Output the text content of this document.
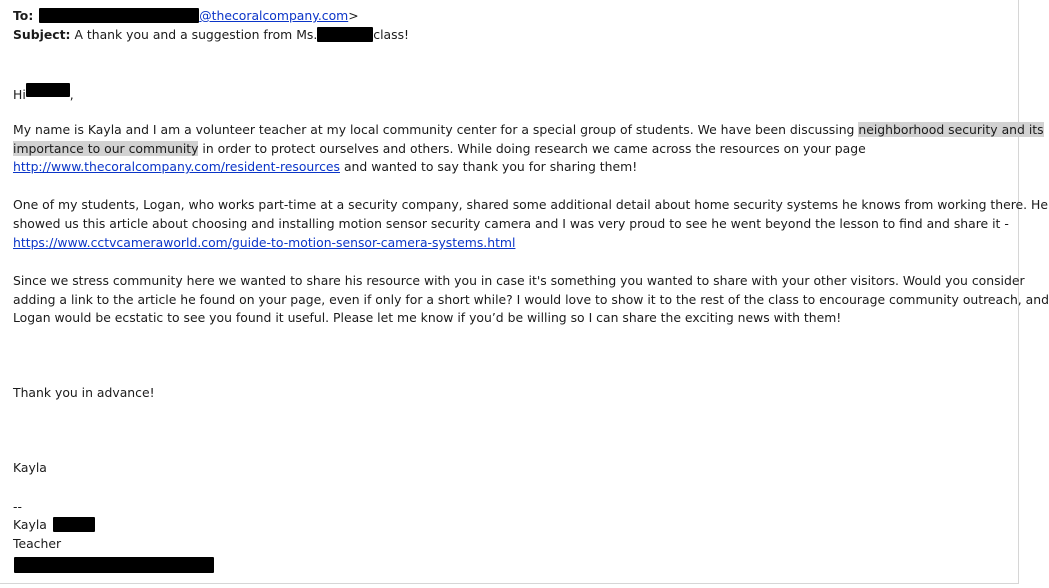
To:	@thecoralcompany.com>
Subject: A thank you and a suggestion from Ms.	class!
Hi	,
My name is Kayla and I am a volunteer teacher at my local community center for a special group of students. We have been discussing neighborhood security and its
importance to our community in order to protect ourselves and others. While doing research we came across the resources on your page
http://www.thecoralcompany.com/resident-resources and wanted to say thank you for sharing them!
One of my students, Logan, who works part-time at a security company, shared some additional detail about home security systems he knows from working there. He
showed us this article about choosing and installing motion sensor security camera and I was very proud to see he went beyond the lesson to find and share it -
https://www.cctvcameraworld.com/guide-to-motion-sensor-camera-systems.html
Since we stress community here we wanted to share his resource with you in case it's something you wanted to share with your other visitors. Would you consider
adding a link to the article he found on your page, even if only for a short while? I would love to show it to the rest of the class to encourage community outreach, and
Logan would be ecstatic to see you found it useful. Please let me know if you’d be willing so I can share the exciting news with them!
Thank you in advance!
Kayla
--
Kayla
Teacher
